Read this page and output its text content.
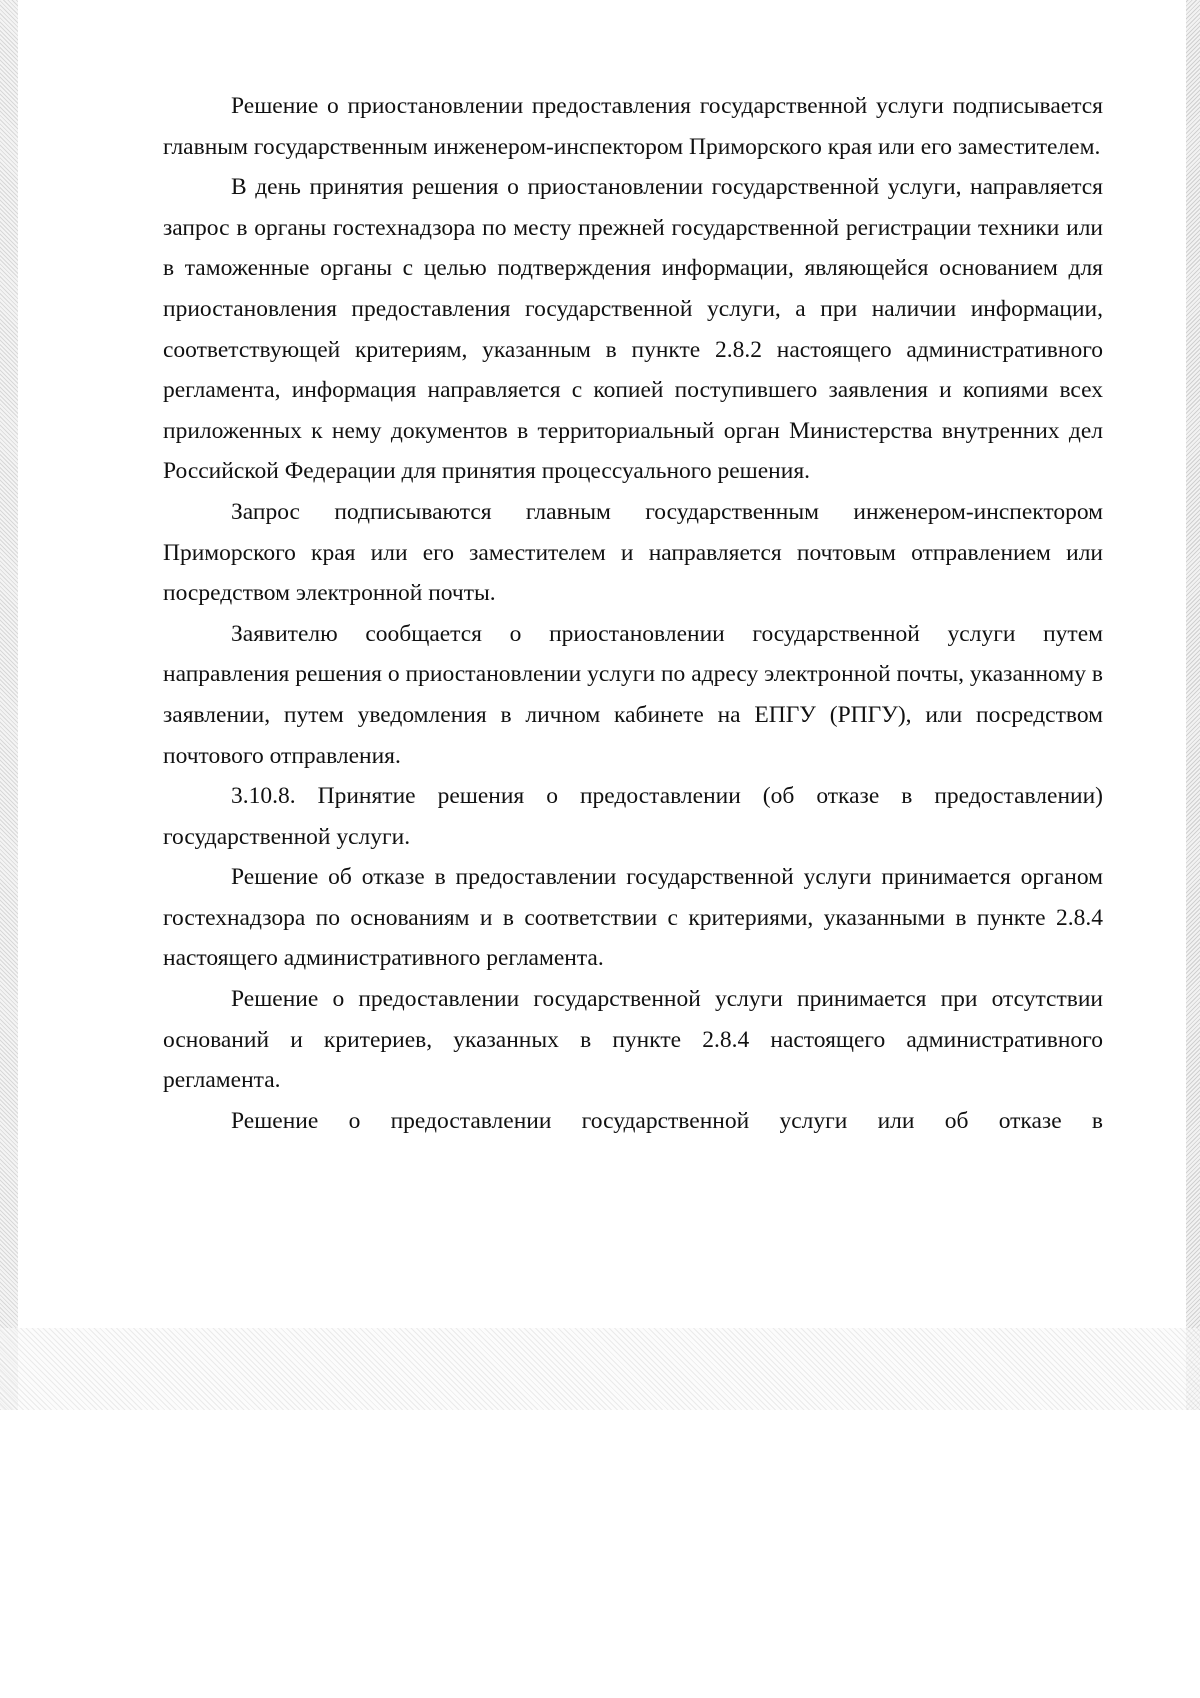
Решение о приостановлении предоставления государственной услуги подписывается главным государственным инженером-инспектором Приморского края или его заместителем.

В день принятия решения о приостановлении государственной услуги, направляется запрос в органы гостехнадзора по месту прежней государственной регистрации техники или в таможенные органы с целью подтверждения информации, являющейся основанием для приостановления предоставления государственной услуги, а при наличии информации, соответствующей критериям, указанным в пункте 2.8.2 настоящего административного регламента, информация направляется с копией поступившего заявления и копиями всех приложенных к нему документов в территориальный орган Министерства внутренних дел Российской Федерации для принятия процессуального решения.

Запрос подписываются главным государственным инженером-инспектором Приморского края или его заместителем и направляется почтовым отправлением или посредством электронной почты.

Заявителю сообщается о приостановлении государственной услуги путем направления решения о приостановлении услуги по адресу электронной почты, указанному в заявлении, путем уведомления в личном кабинете на ЕПГУ (РПГУ), или посредством почтового отправления.

3.10.8. Принятие решения о предоставлении (об отказе в предоставлении) государственной услуги.

Решение об отказе в предоставлении государственной услуги принимается органом гостехнадзора по основаниям и в соответствии с критериями, указанными в пункте 2.8.4 настоящего административного регламента.

Решение о предоставлении государственной услуги принимается при отсутствии оснований и критериев, указанных в пункте 2.8.4 настоящего административного регламента.

Решение о предоставлении государственной услуги или об отказе в
